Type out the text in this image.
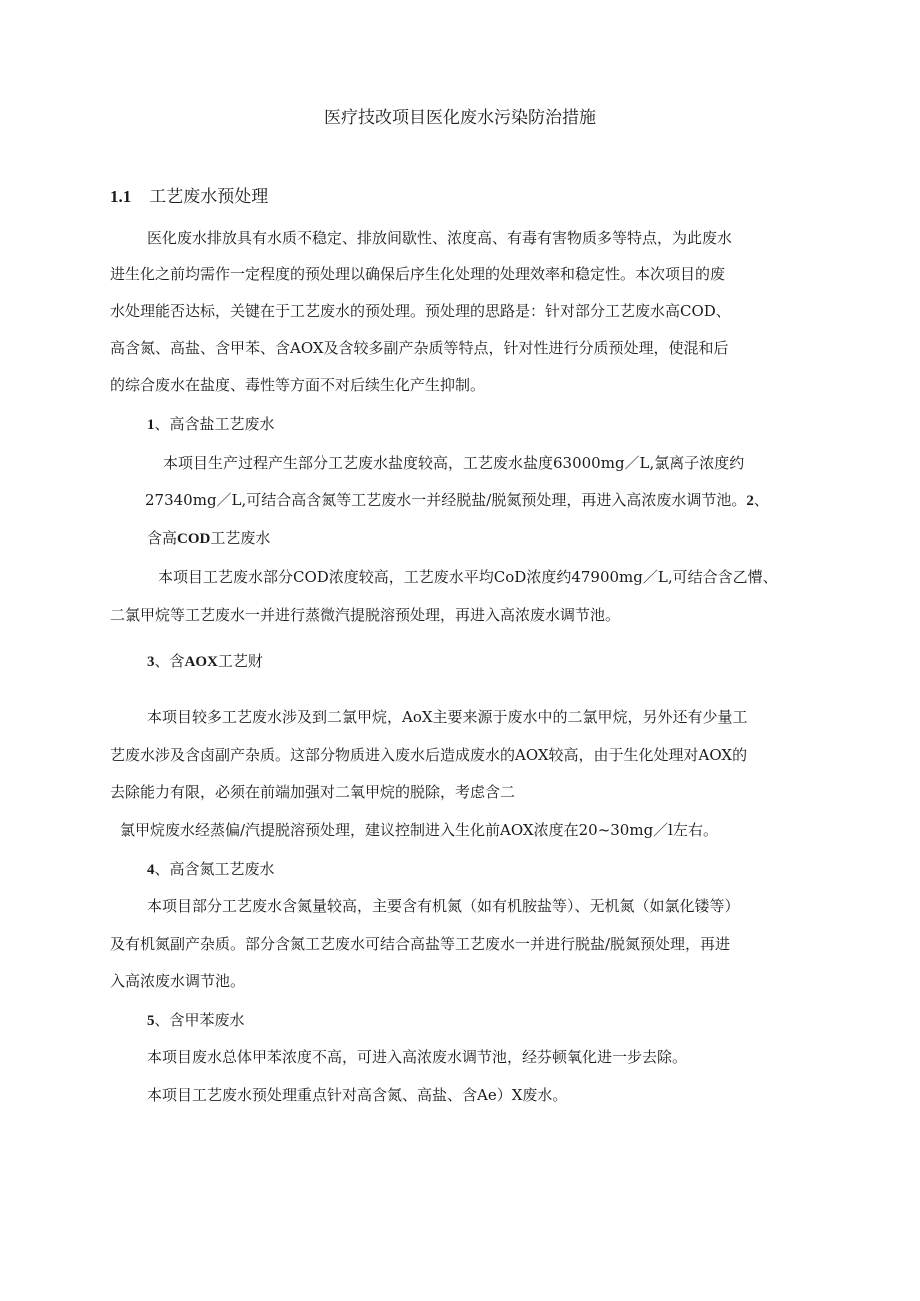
医疗技改项目医化废水污染防治措施
1.1 工艺废水预处理
医化废水排放具有水质不稳定、排放间歇性、浓度高、有毒有害物质多等特点，为此废水
进生化之前均需作一定程度的预处理以确保后序生化处理的处理效率和稳定性。本次项目的废
水处理能否达标，关键在于工艺废水的预处理。预处理的思路是：针对部分工艺废水高COD、
高含氮、高盐、含甲苯、含AOX及含较多副产杂质等特点，针对性进行分质预处理，使混和后
的综合废水在盐度、毒性等方面不对后续生化产生抑制。
1、高含盐工艺废水
本项目生产过程产生部分工艺废水盐度较高，工艺废水盐度63000mg／L,氯离子浓度约
27340mg／L,可结合高含氮等工艺废水一并经脱盐/脱氮预处理，再进入高浓废水调节池。2、
含高COD工艺废水
本项目工艺废水部分COD浓度较高，工艺废水平均CoD浓度约47900mg／L,可结合含乙懵、
二氯甲烷等工艺废水一并进行蒸微汽提脱溶预处理，再进入高浓废水调节池。
3、含AOX工艺财
本项目较多工艺废水涉及到二氯甲烷，AoX主要来源于废水中的二氯甲烷，另外还有少量工
艺废水涉及含卤副产杂质。这部分物质进入废水后造成废水的AOX较高，由于生化处理对AOX的
去除能力有限，必须在前端加强对二氧甲烷的脱除，考虑含二
氯甲烷废水经蒸偏/汽提脱溶预处理，建议控制进入生化前AOX浓度在20~30mg／l左右。
4、高含氮工艺废水
本项目部分工艺废水含氮量较高，主要含有机氮（如有机胺盐等）、无机氮（如氯化镂等）
及有机氮副产杂质。部分含氮工艺废水可结合高盐等工艺废水一并进行脱盐/脱氮预处理，再进
入高浓废水调节池。
5、含甲苯废水
本项目废水总体甲苯浓度不高，可进入高浓废水调节池，经芬顿氧化进一步去除。
本项目工艺废水预处理重点针对高含氮、高盐、含Ae）X废水。
